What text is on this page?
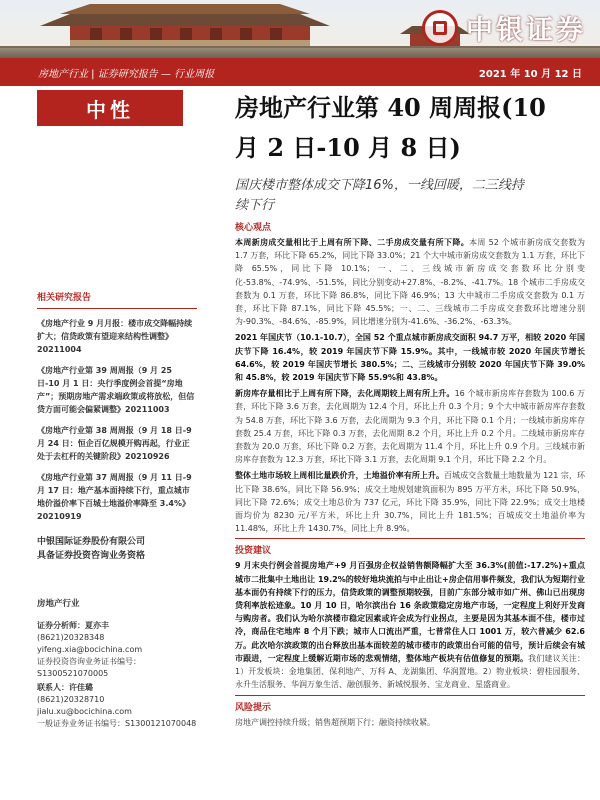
中银证券
房地产行业 | 证券研究报告 — 行业周报	2021 年 10 月 12 日
中性
相关研究报告
《房地产行业 9 月月报：楼市成交降幅持续扩大；信贷政策有望迎来结构性调整》20211004
《房地产行业第 39 周周报（9 月 25 日-10 月 1 日：央行季度例会首提“房地产”；预期房地产需求端政策或将放松，但信贷方面可能会偏紧调整》20211003
《房地产行业第 38 周周报（9 月 18 日-9 月 24 日：恒企百亿规模开购再起，行业正处于去杠杆的关键阶段》20210926
《房地产行业第 37 周周报（9 月 11 日-9 月 17 日：地产基本面持续下行，重点城市地价溢价率下百城土地溢价率降至 3.4%》20210919
中银国际证券股份有限公司
具备证券投资咨询业务资格
房地产行业
证券分析师：夏亦丰
(8621)20328348
yifeng.xia@bocichina.com
证券投资咨询业务证书编号：S1300521070005
联系人：许佳璐
(8621)20328710
jialu.xu@bocichina.com
一般证券业务证书编号：S1300121070048
房地产行业第 40 周周报(10
月 2 日-10 月 8 日)
国庆楼市整体成交下降16%，一线回暖，二三线持
续下行
核心观点

本周新房成交量相比于上周有所下降、二手房成交量有所下降。本周 52 个城市新房成交套数为 1.7 万套，环比下降 65.2%，同比下降 33.0%；21 个大中城市新房成交套数为 1.1 万套，环比下降 65.5%，同比下降 10.1%；一、二、三线城市新房成交套数环比分别变化-53.8%、-74.9%、-51.5%，同比分别变动+27.8%、-8.2%、-41.7%。18 个城市二手房成交套数为 0.1 万套，环比下降 86.8%，同比下降 46.9%；13 大中城市二手房成交套数为 0.1 万套，环比下降 87.1%，同比下降 45.5%；一、二、三线城市二手房成交套数环比增速分别为-90.3%、-84.6%、-85.9%，同比增速分别为-41.6%、-36.2%、-63.3%。

2021 年国庆节（10.1-10.7），全国 52 个重点城市新房成交面积 94.7 万平，相较 2020 年国庆节下降 16.4%，较 2019 年国庆节下降 15.9%。其中，一线城市较 2020 年国庆节增长 64.6%，较 2019 年国庆节增长 380.5%；二、三线城市分别较 2020 年国庆节下降 39.0%和 45.8%，较 2019 年国庆节下降 55.9%和 43.8%。

新房库存量相比于上周有所下降，去化周期较上周有所上升。16 个城市新房库存套数为 100.6 万套，环比下降 3.6 万套，去化周期为 12.4 个月，环比上升 0.3 个月；9 个大中城市新房库存套数为 54.8 万套，环比下降 3.6 万套，去化周期为 9.3 个月，环比下降 0.1 个月；一线城市新房库存套数 25.4 万套，环比下降 0.3 万套，去化周期 8.2 个月，环比上升 0.2 个月。二线城市新房库存套数为 20.0 万套，环比下降 0.2 万套，去化周期为 11.4 个月，环比上升 0.9 个月。三线城市新房库存套数为 12.3 万套，环比下降 3.1 万套，去化周期 9.1 个月，环比下降 2.2 个月。

整体土地市场较上周相比量跌价升，土地溢价率有所上升。百城成交含数量土地数量为 121 宗，环比下降 38.6%，同比下降 56.9%；成交土地规划建筑面积为 895 万平方米，环比下降 50.9%，同比下降 72.6%；成交土地总价为 737 亿元，环比下降 35.9%，同比下降 22.9%；成交土地楼面均价为 8230 元/平方米，环比上升 30.7%，同比上升 181.5%；百城成交土地溢价率为 11.48%，环比上升 1430.7%，同比上升 8.9%。

投资建议

9 月末央行例会首提房地产+9 月百强房企权益销售额降幅扩大至 36.3%(前值:-17.2%)+重点城市二批集中土地出让 19.2%的较好地块流拍与中止出让+房企信用事件频发，我们认为短期行业基本面仍有持续下行的压力，信贷政策的调整预期较强，目前广东部分城市如广州、佛山已出现房贷利率放松迹象。10 月 10 日，哈尔滨出台 16 条政策稳定房地产市场，一定程度上利好开发商与购房者。我们认为哈尔滨楼市稳定因素或许会成为行业拐点，主要是因为其基本面不佳，楼市过冷，商品住宅地库 8 个月下跌；城市人口流出严重，七普常住人口 1001 万，较六普减少 62.6 万。此次哈尔滨政策的出台释放出基本面较差的城市楼市的政策出台可能的信号，预计后续会有城市跟进，一定程度上缓解近期市场的悲观情绪，整体地产板块有估值修复的预期。我们建议关注：1）开发板块：金地集团、保利地产、万科 A、龙湖集团、华润置地。2）物业板块：碧桂园服务、永升生活服务、华润万象生活、融创服务、新城悦服务、宝龙商业、星盛商业。

风险提示

房地产调控持续升级；销售超预期下行；融资持续收紧。
